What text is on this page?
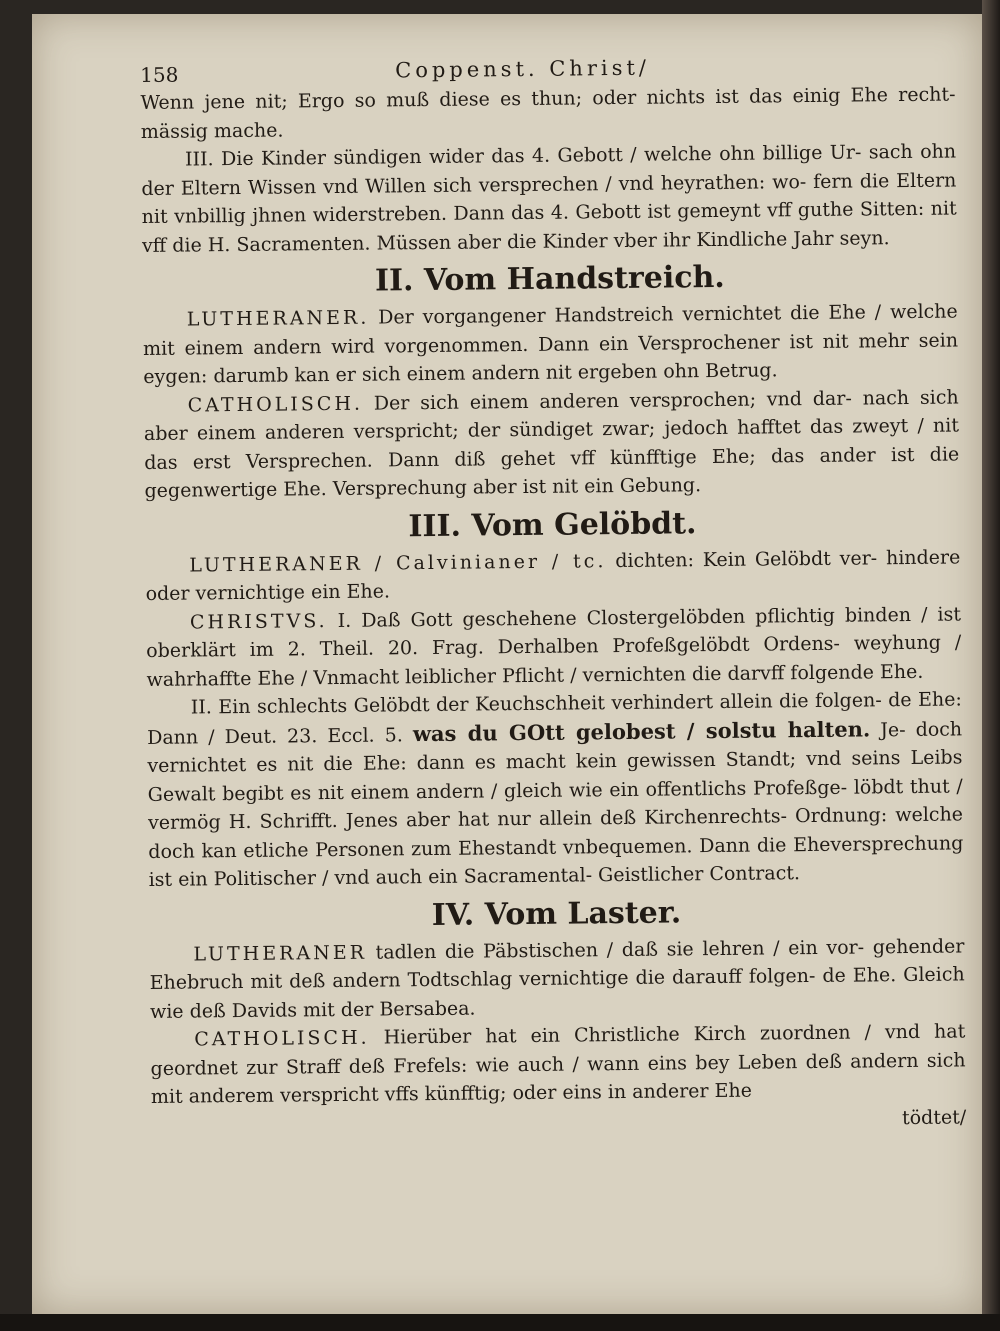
158	Coppenst. Christ/

Wenn jene nit; Ergo so muß diese es thun; oder nichts ist das einig Ehe recht- mässig mache.

III. Die Kinder sündigen wider das 4. Gebott / welche ohn billige Ur- sach ohn der Eltern Wissen vnd Willen sich versprechen / vnd heyrathen: wo- fern die Eltern nit vnbillig jhnen widerstreben. Dann das 4. Gebott ist gemeynt vff guthe Sitten: nit vff die H. Sacramenten. Müssen aber die Kinder vber ihr Kindliche Jahr seyn.

II. Vom Handstreich.

LUTHERANER. Der vorgangener Handstreich vernichtet die Ehe / welche mit einem andern wird vorgenommen. Dann ein Versprochener ist nit mehr sein eygen: darumb kan er sich einem andern nit ergeben ohn Betrug.

CATHOLISCH. Der sich einem anderen versprochen; vnd dar- nach sich aber einem anderen verspricht; der sündiget zwar; jedoch hafftet das zweyt / nit das erst Versprechen. Dann diß gehet vff künfftige Ehe; das ander ist die gegenwertige Ehe. Versprechung aber ist nit ein Gebung.

III. Vom Gelöbdt.

LUTHERANER / Calvinianer / tc. dichten: Kein Gelöbdt ver- hindere oder vernichtige ein Ehe.

CHRISTVS. I. Daß Gott geschehene Clostergelöbden pflichtig binden / ist oberklärt im 2. Theil. 20. Frag. Derhalben Profeßgelöbdt Ordens- weyhung / wahrhaffte Ehe / Vnmacht leiblicher Pflicht / vernichten die darvff folgende Ehe.

II. Ein schlechts Gelöbdt der Keuchschheit verhindert allein die folgen- de Ehe: Dann / Deut. 23. Eccl. 5. was du GOtt gelobest / solstu halten. Je- doch vernichtet es nit die Ehe: dann es macht kein gewissen Standt; vnd seins Leibs Gewalt begibt es nit einem andern / gleich wie ein offentlichs Profeßge- löbdt thut / vermög H. Schrifft. Jenes aber hat nur allein deß Kirchenrechts- Ordnung: welche doch kan etliche Personen zum Ehestandt vnbequemen. Dann die Eheversprechung ist ein Politischer / vnd auch ein Sacramental- Geistlicher Contract.

IV. Vom Laster.

LUTHERANER tadlen die Päbstischen / daß sie lehren / ein vor- gehender Ehebruch mit deß andern Todtschlag vernichtige die darauff folgen- de Ehe. Gleich wie deß Davids mit der Bersabea.

CATHOLISCH. Hierüber hat ein Christliche Kirch zuordnen / vnd hat geordnet zur Straff deß Frefels: wie auch / wann eins bey Leben deß andern sich mit anderem verspricht vffs künfftig; oder eins in anderer Ehe

tödtet/
